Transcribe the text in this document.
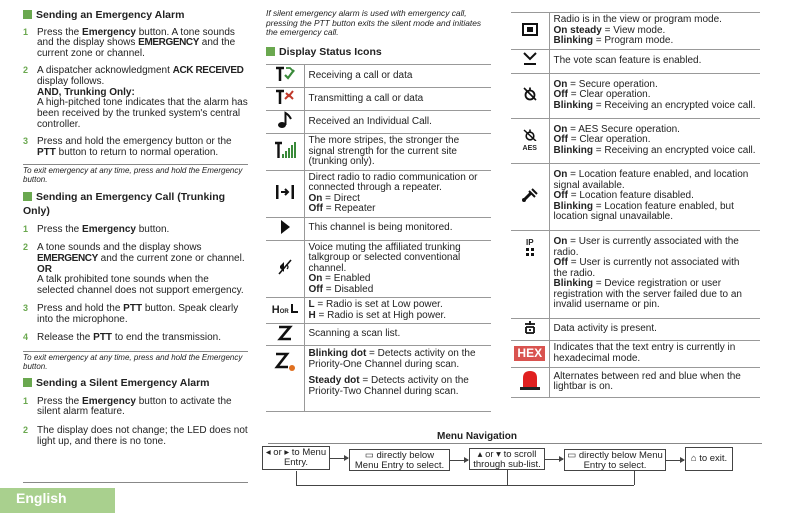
Sending an Emergency Alarm
1 Press the Emergency button. A tone sounds and the display shows EMERGENCY and the current zone or channel.
2 A dispatcher acknowledgment ACK RECEIVED display follows.
AND, Trunking Only:
A high-pitched tone indicates that the alarm has been received by the trunked system's central controller.
3 Press and hold the emergency button or the PTT button to return to normal operation.
To exit emergency at any time, press and hold the Emergency button.
Sending an Emergency Call (Trunking Only)
1 Press the Emergency button.
2 A tone sounds and the display shows EMERGENCY and the current zone or channel.
OR
A talk prohibited tone sounds when the selected channel does not support emergency.
3 Press and hold the PTT button. Speak clearly into the microphone.
4 Release the PTT to end the transmission.
To exit emergency at any time, press and hold the Emergency button.
Sending a Silent Emergency Alarm
1 Press the Emergency button to activate the silent alarm feature.
2 The display does not change; the LED does not light up, and there is no tone.
English
If silent emergency alarm is used with emergency call, pressing the PTT button exits the silent mode and initiates the emergency call.
Display Status Icons
	Receiving a call or data
	Transmitting a call or data
	Received an Individual Call.
	The more stripes, the stronger the signal strength for the current site (trunking only).
	Direct radio to radio communication or connected through a repeater.
On = Direct
Off = Repeater
	This channel is being monitored.
	Voice muting the affiliated trunking talkgroup or selected conventional channel.
On = Enabled
Off = Disabled
HOR	L = Radio is set at Low power.
H = Radio is set at High power.
	Scanning a scan list.
	Blinking dot = Detects activity on the Priority-One Channel during scan.
Steady dot = Detects activity on the Priority-Two Channel during scan.
	Radio is in the view or program mode.
On steady = View mode.
Blinking = Program mode.
	The vote scan feature is enabled.
	On = Secure operation.
Off = Clear operation.
Blinking = Receiving an encrypted voice call.

AES	On = AES Secure operation.
Off = Clear operation.
Blinking = Receiving an encrypted voice call.
	On = Location feature enabled, and location signal available.
Off = Location feature disabled.
Blinking = Location feature enabled, but location signal unavailable.

IP	On = User is currently associated with the radio.
Off = User is currently not associated with the radio.
Blinking = Device registration or user registration with the server failed due to an invalid username or pin.
	Data activity is present.
HEX	Indicates that the text entry is currently in hexadecimal mode.
	Alternates between red and blue when the lightbar is on.
Menu Navigation
◂ or ▸ to Menu Entry.
▭ directly below Menu Entry to select.
▴ or ▾ to scroll through sub-list.
▭ directly below Menu Entry to select.
⌂ to exit.
